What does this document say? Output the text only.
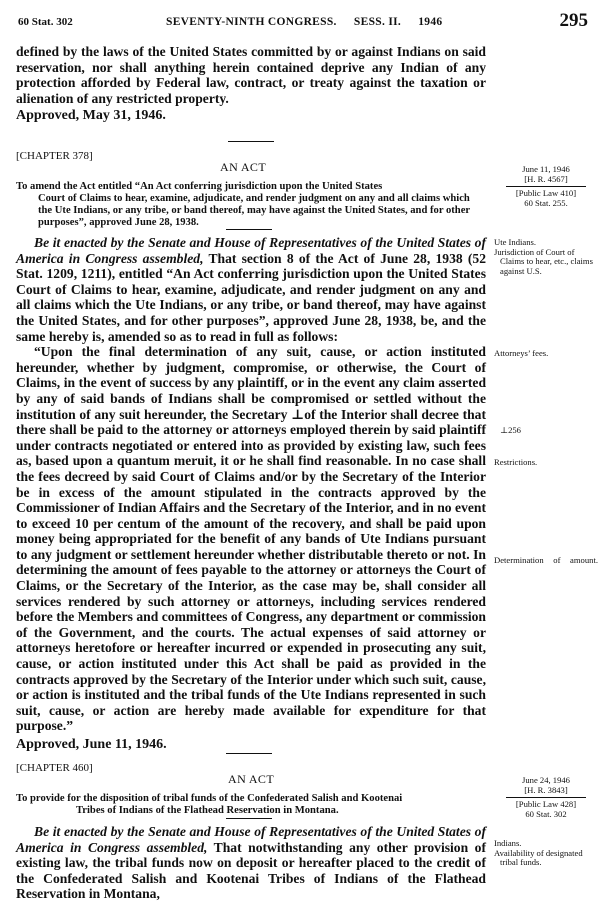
60 Stat. 302	SEVENTY-NINTH CONGRESS. SESS. II. 1946	295

defined by the laws of the United States committed by or against Indians on said reservation, nor shall anything herein contained deprive any Indian of any protection afforded by Federal law, contract, or treaty against the taxation or alienation of any restricted property.

Approved, May 31, 1946.

[CHAPTER 378]
AN ACT
To amend the Act entitled “An Act conferring jurisdiction upon the United States
Court of Claims to hear, examine, adjudicate, and render judgment on any and all claims which the Ute Indians, or any tribe, or band thereof, may have against the United States, and for other purposes”, approved June 28, 1938.

Be it enacted by the Senate and House of Representatives of the United States of America in Congress assembled, That section 8 of the Act of June 28, 1938 (52 Stat. 1209, 1211), entitled “An Act conferring jurisdiction upon the United States Court of Claims to hear, examine, adjudicate, and render judgment on any and all claims which the Ute Indians, or any tribe, or band thereof, may have against the United States, and for other purposes”, approved June 28, 1938, be, and the same hereby is, amended so as to read in full as follows:

“Upon the final determination of any suit, cause, or action instituted hereunder, whether by judgment, compromise, or otherwise, the Court of Claims, in the event of success by any plaintiff, or in the event any claim asserted by any of said bands of Indians shall be compromised or settled without the institution of any suit hereunder, the Secretary ⊥of the Interior shall decree that there shall be paid to the attorney or attorneys employed therein by said plaintiff under contracts negotiated or entered into as provided by existing law, such fees as, based upon a quantum meruit, it or he shall find reasonable. In no case shall the fees decreed by said Court of Claims and/or by the Secretary of the Interior be in excess of the amount stipulated in the contracts approved by the Commissioner of Indian Affairs and the Secretary of the Interior, and in no event to exceed 10 per centum of the amount of the recovery, and shall be paid upon money being appropriated for the benefit of any bands of Ute Indians pursuant to any judgment or settlement hereunder whether distributable thereto or not. In determining the amount of fees payable to the attorney or attorneys the Court of Claims, or the Secretary of the Interior, as the case may be, shall consider all services rendered by such attorney or attorneys, including services rendered before the Members and committees of Congress, any department or commission of the Government, and the courts. The actual expenses of said attorney or attorneys heretofore or hereafter incurred or expended in prosecuting any suit, cause, or action instituted under this Act shall be paid as provided in the contracts approved by the Secretary of the Interior under which such suit, cause, or action is instituted and the tribal funds of the Ute Indians represented in such suit, cause, or action are hereby made available for expenditure for that purpose.”

Approved, June 11, 1946.

[CHAPTER 460]
AN ACT
To provide for the disposition of tribal funds of the Confederated Salish and Kootenai
Tribes of Indians of the Flathead Reservation in Montana.

Be it enacted by the Senate and House of Representatives of the United States of America in Congress assembled, That notwithstanding any other provision of existing law, the tribal funds now on deposit or hereafter placed to the credit of the Confederated Salish and Kootenai Tribes of Indians of the Flathead Reservation in Montana,

June 11, 1946
[H. R. 4567]
[Public Law 410]
60 Stat. 255.
Ute Indians.
Jurisdiction of Court of Claims to hear, etc., claims against U.S.
Attorneys’ fees.
⊥256
Restrictions.
Determination of amount.
June 24, 1946
[H. R. 3843]
[Public Law 428]
60 Stat. 302
Indians.
Availability of designated tribal funds.
